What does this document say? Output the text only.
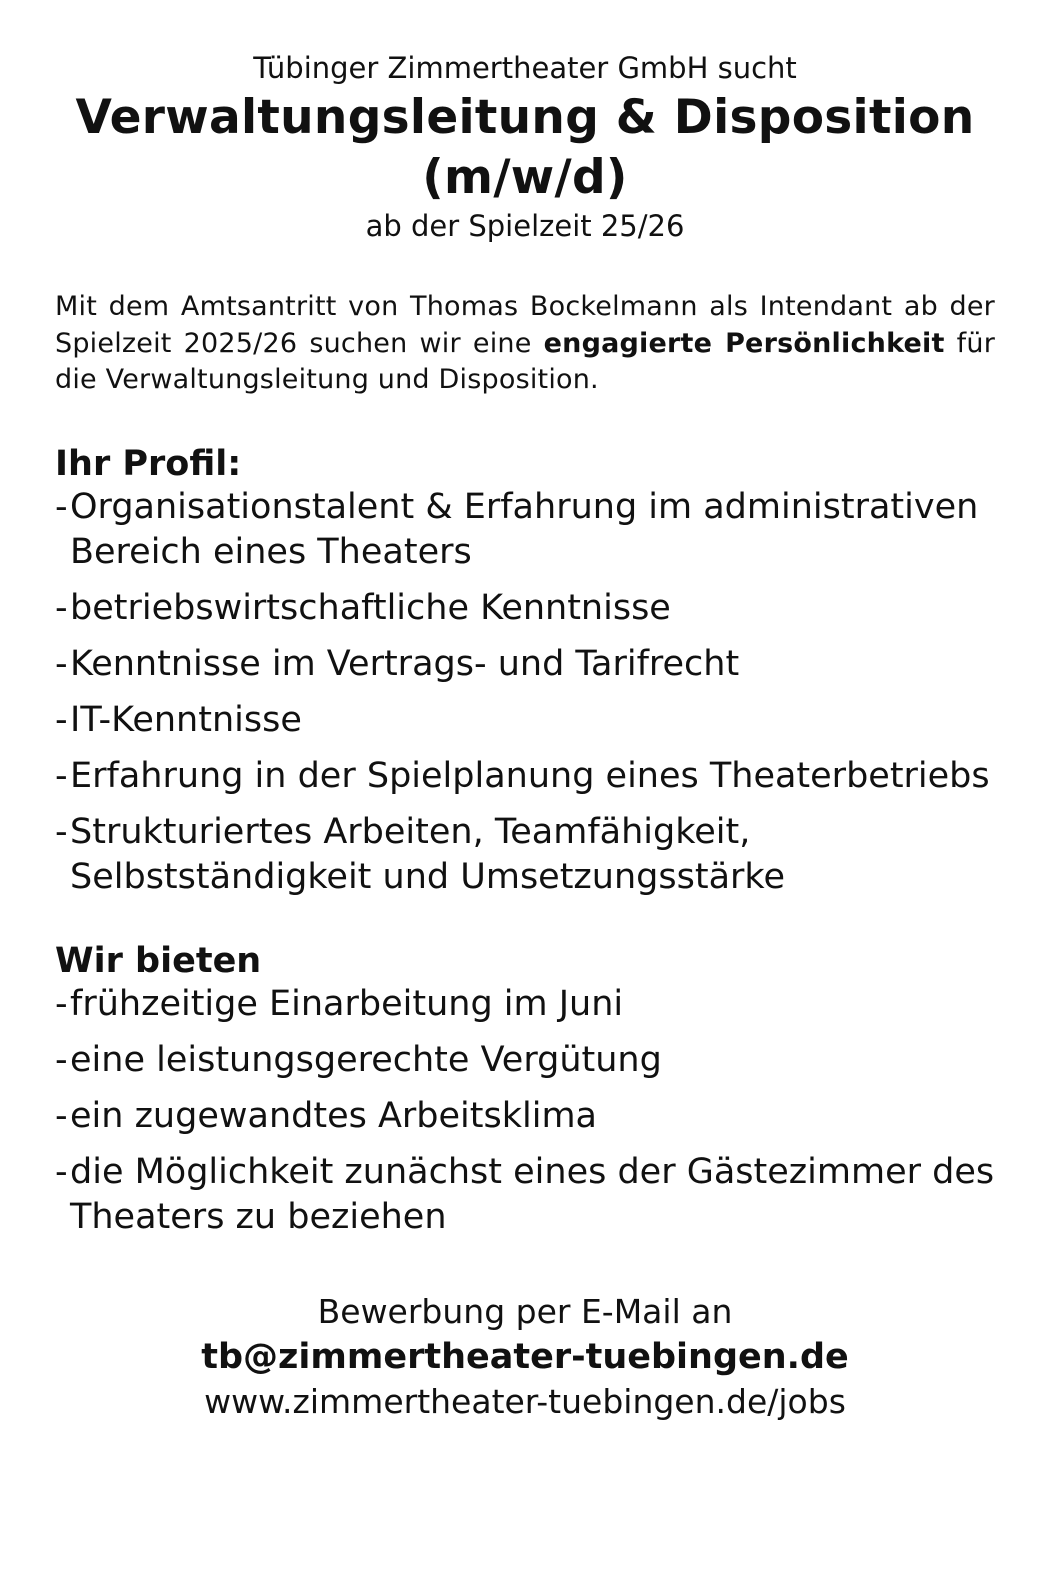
Tübinger Zimmertheater GmbH sucht
Verwaltungsleitung & Disposition
(m/w/d)
ab der Spielzeit 25/26
Mit dem Amtsantritt von Thomas Bockelmann als Intendant ab der Spielzeit 2025/26 suchen wir eine engagierte Persönlichkeit für die Verwaltungsleitung und Disposition.
Ihr Profil:
- Organisationstalent & Erfahrung im administrativen Bereich eines Theaters
- betriebswirtschaftliche Kenntnisse
- Kenntnisse im Vertrags- und Tarifrecht
- IT-Kenntnisse
- Erfahrung in der Spielplanung eines Theaterbetriebs
- Strukturiertes Arbeiten, Teamfähigkeit, Selbstständigkeit und Umsetzungsstärke
Wir bieten
- frühzeitige Einarbeitung im Juni
- eine leistungsgerechte Vergütung
- ein zugewandtes Arbeitsklima
- die Möglichkeit zunächst eines der Gästezimmer des Theaters zu beziehen
Bewerbung per E-Mail an
tb@zimmertheater-tuebingen.de
www.zimmertheater-tuebingen.de/jobs
